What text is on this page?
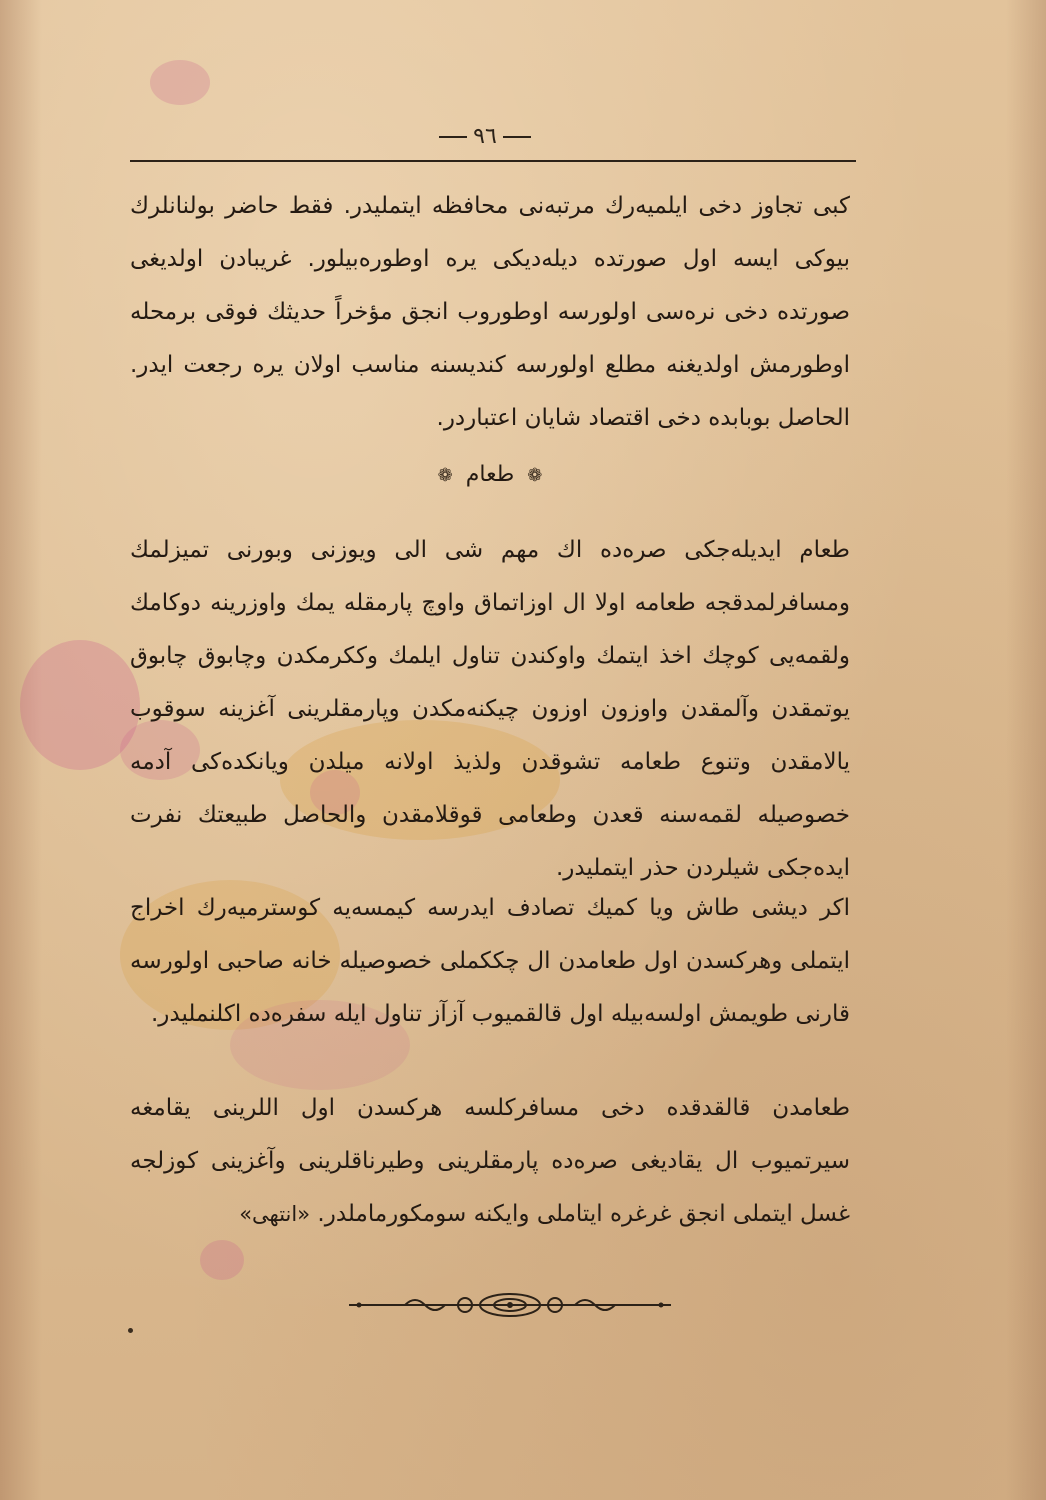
٩٦

كبى تجاوز دخى ايلميه‌رك مرتبه‌نى محافظه ايتمليدر. فقط حاضر بولنانلرك بيوكى ايسه اول صورتده ديله‌ديكى يره اوطوره‌بيلور. غريبادن اولديغى صورتده دخى نره‌سى اولورسه اوطوروب انجق مؤخراً حديثك فوقى برمحله اوطورمش اولديغنه مطلع اولورسه كنديسنه مناسب اولان يره رجعت ايدر. الحاصل بوبابده دخى اقتصاد شايان اعتباردر.

❁ طعام ❁

طعام ايديله‌جكى صره‌ده اك مهم شى الى ويوزنى وبورنى تميزلمك ومسافرلمدقجه طعامه اولا ال اوزاتماق واوچ پارمقله يمك واوزرينه دوكامك ولقمه‌يى كوچك اخذ ايتمك واوكندن تناول ايلمك وككرمكدن وچابوق چابوق يوتمقدن وآلمقدن واوزون اوزون چيكنه‌مكدن وپارمقلرينى آغزينه سوقوب يالامقدن وتنوع طعامه تشوقدن ولذيذ اولانه ميلدن ويانكده‌كى آدمه خصوصيله لقمه‌سنه قعدن وطعامى قوقلامقدن والحاصل طبيعتك نفرت ايده‌جكى شيلردن حذر ايتمليدر.

اكر ديشى طاش ويا كميك تصادف ايدرسه كيمسه‌يه كوسترميه‌رك اخراج ايتملى وهركسدن اول طعامدن ال چككملى خصوصيله خانه صاحبى اولورسه قارنى طويمش اولسه‌بيله اول قالقميوب آزآز تناول ايله سفره‌ده اكلنمليدر.

طعامدن قالقدقده دخى مسافركلسه هركسدن اول اللرينى يقامغه سيرتميوب ال يقاديغى صره‌ده پارمقلرينى وطيرناقلرينى وآغزينى كوزلجه غسل ايتملى انجق غرغره ايتاملى وايكنه سومكورماملدر. «انتهى»
